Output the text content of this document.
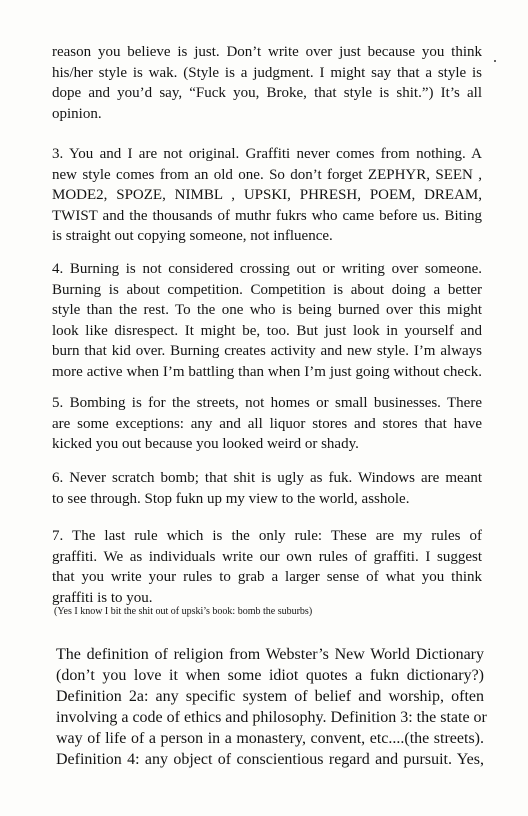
reason you believe is just. Don’t write over just because you think
his/her style is wak. (Style is a judgment. I might say that a style is
dope and you’d say, “Fuck you, Broke, that style is shit.”) It’s all
opinion.
3. You and I are not original. Graffiti never comes from nothing. A
new style comes from an old one. So don’t forget ZEPHYR, SEEN ,
MODE2, SPOZE, NIMBL , UPSKI, PHRESH, POEM, DREAM,
TWIST and the thousands of muthr fukrs who came before us. Biting
is straight out copying someone, not influence.
4. Burning is not considered crossing out or writing over someone.
Burning is about competition. Competition is about doing a better
style than the rest. To the one who is being burned over this might
look like disrespect. It might be, too. But just look in yourself and
burn that kid over. Burning creates activity and new style. I’m always
more active when I’m battling than when I’m just going without check.
5. Bombing is for the streets, not homes or small businesses. There
are some exceptions: any and all liquor stores and stores that have
kicked you out because you looked weird or shady.
6. Never scratch bomb; that shit is ugly as fuk. Windows are meant
to see through. Stop fukn up my view to the world, asshole.
7. The last rule which is the only rule: These are my rules of
graffiti. We as individuals write our own rules of graffiti. I suggest
that you write your rules to grab a larger sense of what you think
graffiti is to you.
(Yes I know I bit the shit out of upski’s book: bomb the suburbs)
The definition of religion from Webster’s New World Dictionary
(don’t you love it when some idiot quotes a fukn dictionary?)
Definition 2a: any specific system of belief and worship, often
involving a code of ethics and philosophy. Definition 3: the state or
way of life of a person in a monastery, convent, etc....(the streets).
Definition 4: any object of conscientious regard and pursuit. Yes,
